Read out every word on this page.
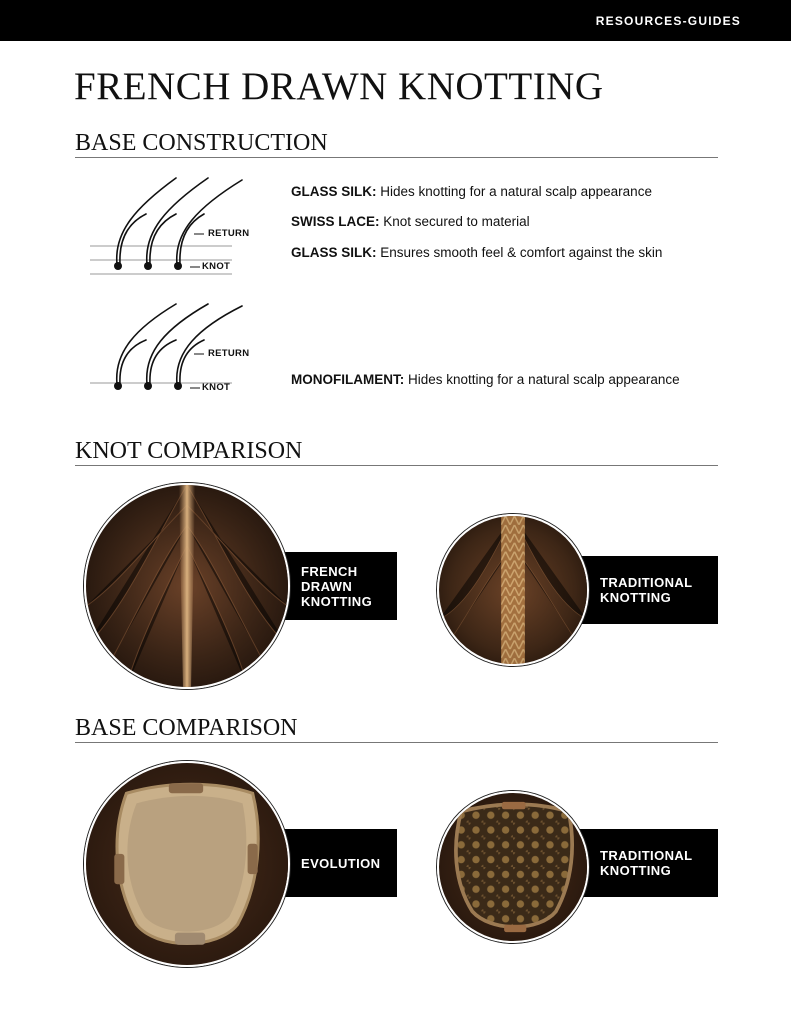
RESOURCES-GUIDES
FRENCH DRAWN KNOTTING
BASE CONSTRUCTION
RETURN
KNOT
RETURN
KNOT
GLASS SILK: Hides knotting for a natural scalp appearance
SWISS LACE: Knot secured to material
GLASS SILK: Ensures smooth feel & comfort against the skin
MONOFILAMENT: Hides knotting for a natural scalp appearance
KNOT COMPARISON
FRENCH
DRAWN
KNOTTING
TRADITIONAL
KNOTTING
BASE COMPARISON
EVOLUTION	TRADITIONAL
KNOTTING
